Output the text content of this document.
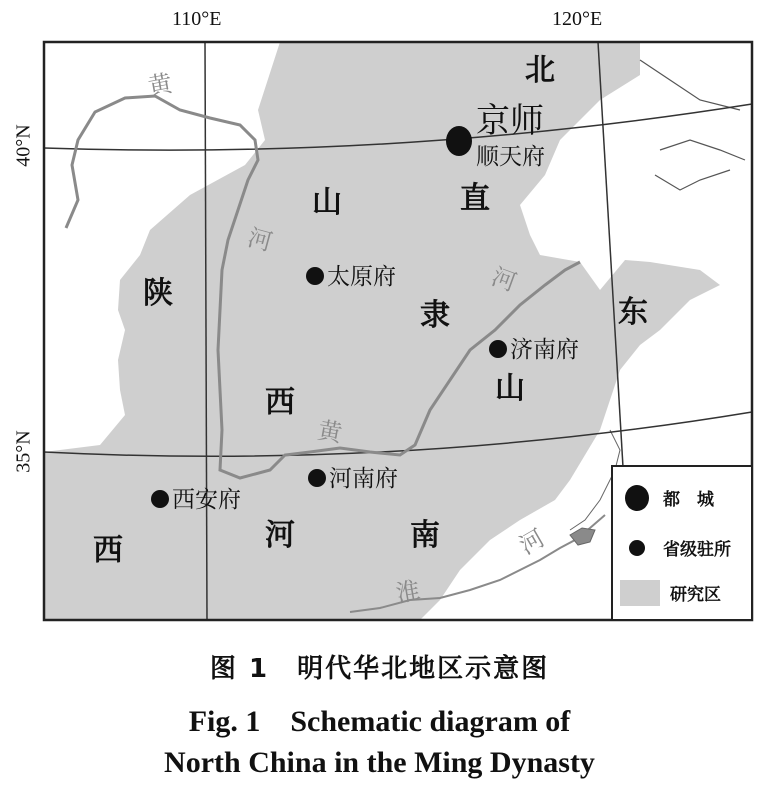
110°E	120°E
40°N
35°N
北
山	直
隶
陕
西	山
东
西	河	南
京师
顺天府
太原府
济南府
河南府
西安府
黄
河
河
黄
淮
河
都　城
省级驻所
研究区
图 1　明代华北地区示意图
Fig. 1　Schematic diagram of
North China in the Ming Dynasty
